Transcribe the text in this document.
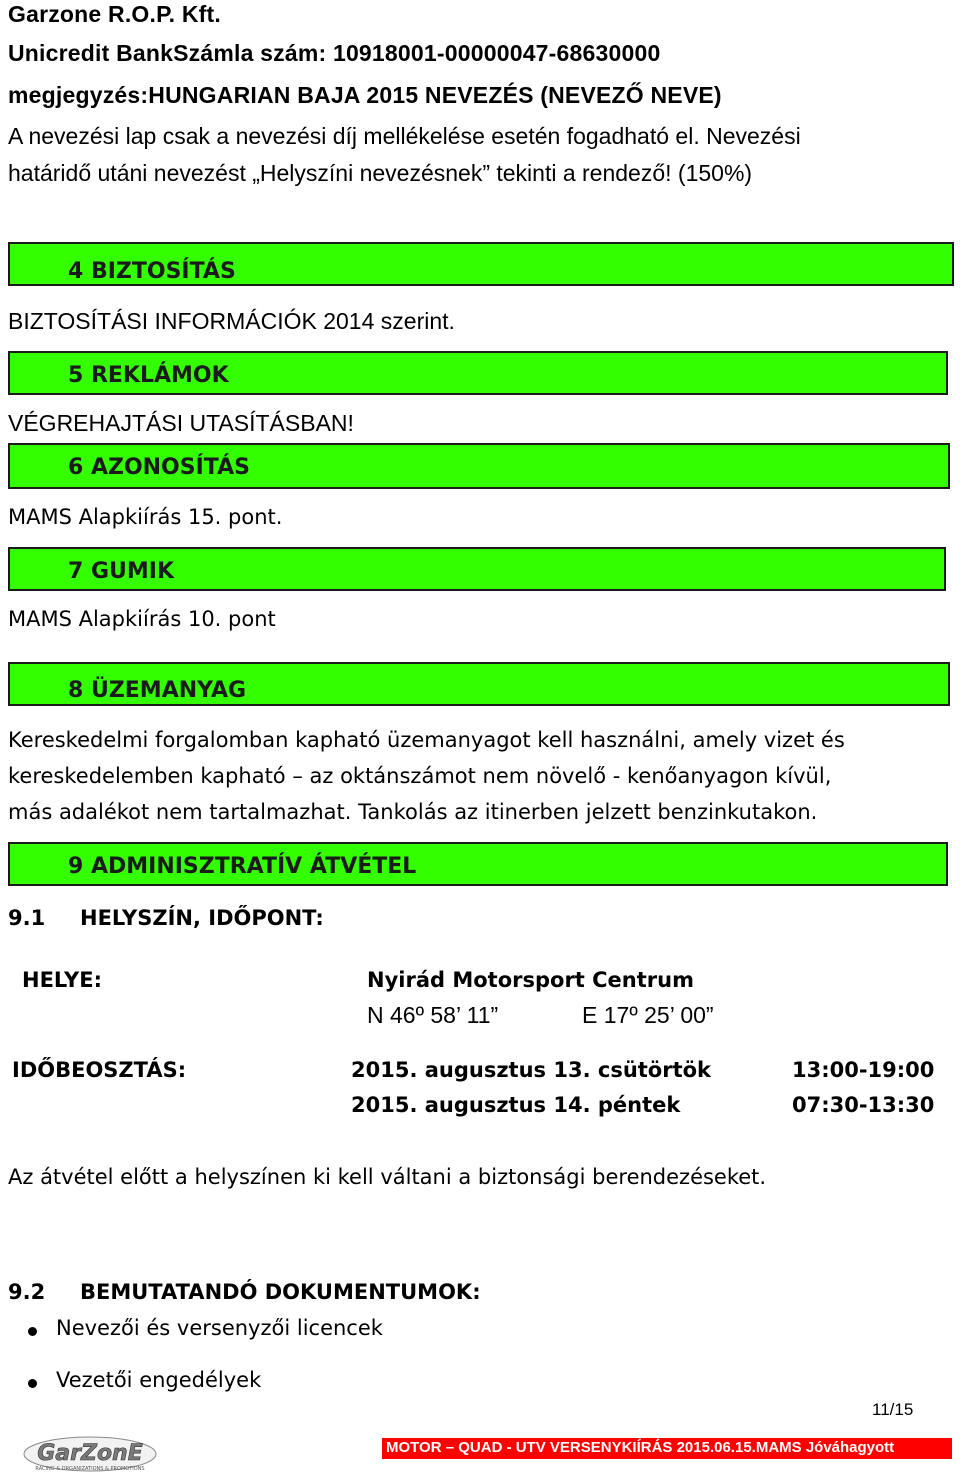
Garzone R.O.P. Kft.
Unicredit BankSzámla szám: 10918001-00000047-68630000
megjegyzés:HUNGARIAN BAJA 2015 NEVEZÉS (NEVEZŐ NEVE)
A nevezési lap csak a nevezési díj mellékelése esetén fogadható el. Nevezési
határidő utáni nevezést „Helyszíni nevezésnek” tekinti a rendező! (150%)
4 BIZTOSÍTÁS
BIZTOSÍTÁSI INFORMÁCIÓK 2014 szerint.
5 REKLÁMOK
VÉGREHAJTÁSI UTASÍTÁSBAN!
6 AZONOSÍTÁS
MAMS Alapkiírás 15. pont.
7 GUMIK
MAMS Alapkiírás 10. pont
8 ÜZEMANYAG
Kereskedelmi forgalomban kapható üzemanyagot kell használni, amely vizet és
kereskedelemben kapható – az oktánszámot nem növelő - kenőanyagon kívül,
más adalékot nem tartalmazhat. Tankolás az itinerben jelzett benzinkutakon.
9 ADMINISZTRATÍV ÁTVÉTEL
9.1 HELYSZÍN, IDŐPONT:
HELYE:	Nyirád Motorsport Centrum
N 46º 58’ 11”	E 17º 25’ 00”
IDŐBEOSZTÁS:	2015. augusztus 13. csütörtök	13:00-19:00
2015. augusztus 14. péntek	07:30-13:30
Az átvétel előtt a helyszínen ki kell váltani a biztonsági berendezéseket.
9.2 BEMUTATANDÓ DOKUMENTUMOK:
Nevezői és versenyzői licencek
Vezetői engedélyek
11/15
GarZonE
RACING & ORGANIZATIONS & PROMOTIONS
MOTOR – QUAD - UTV VERSENYKIÍRÁS 2015.06.15.MAMS Jóváhagyott
